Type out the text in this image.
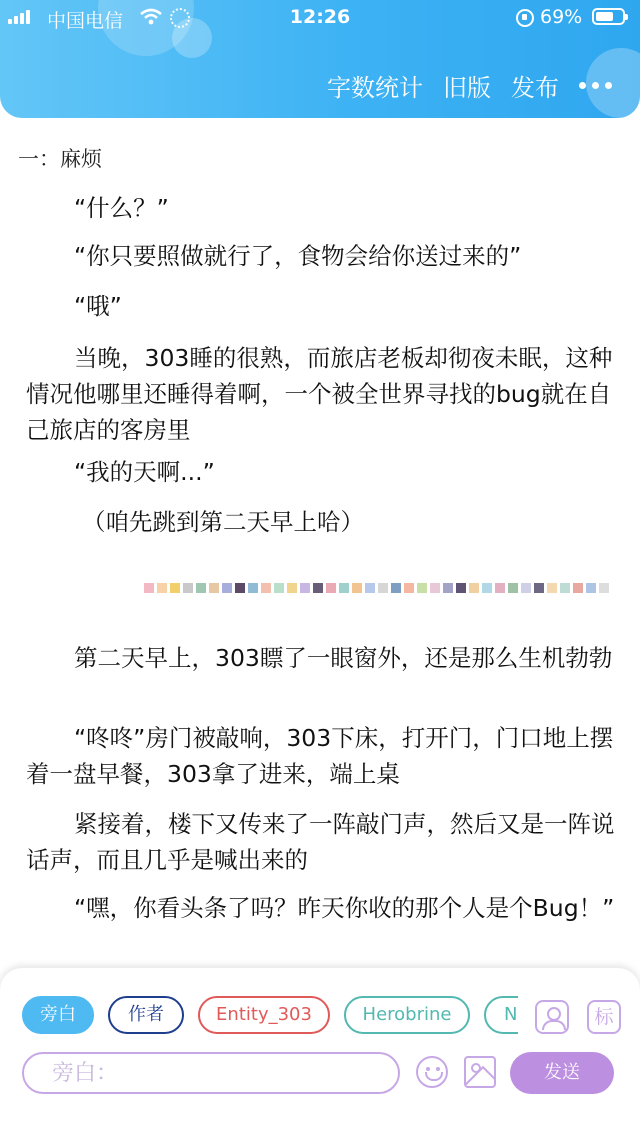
中国电信	12:26	69%
字数统计 旧版 发布
一：麻烦
“什么？”
“你只要照做就行了，食物会给你送过来的”
“哦”
当晚，303睡的很熟，而旅店老板却彻夜未眠，这种情况他哪里还睡得着啊，一个被全世界寻找的bug就在自己旅店的客房里
“我的天啊...”
（咱先跳到第二天早上哈）
第二天早上，303瞟了一眼窗外，还是那么生机勃勃
“咚咚”房门被敲响，303下床，打开门，门口地上摆着一盘早餐，303拿了进来，端上桌
紧接着，楼下又传来了一阵敲门声，然后又是一阵说话声，而且几乎是喊出来的
“嘿，你看头条了吗？昨天你收的那个人是个Bug！”
旁白	作者	Entity_303	Herobrine	N	标
旁白：
发送
